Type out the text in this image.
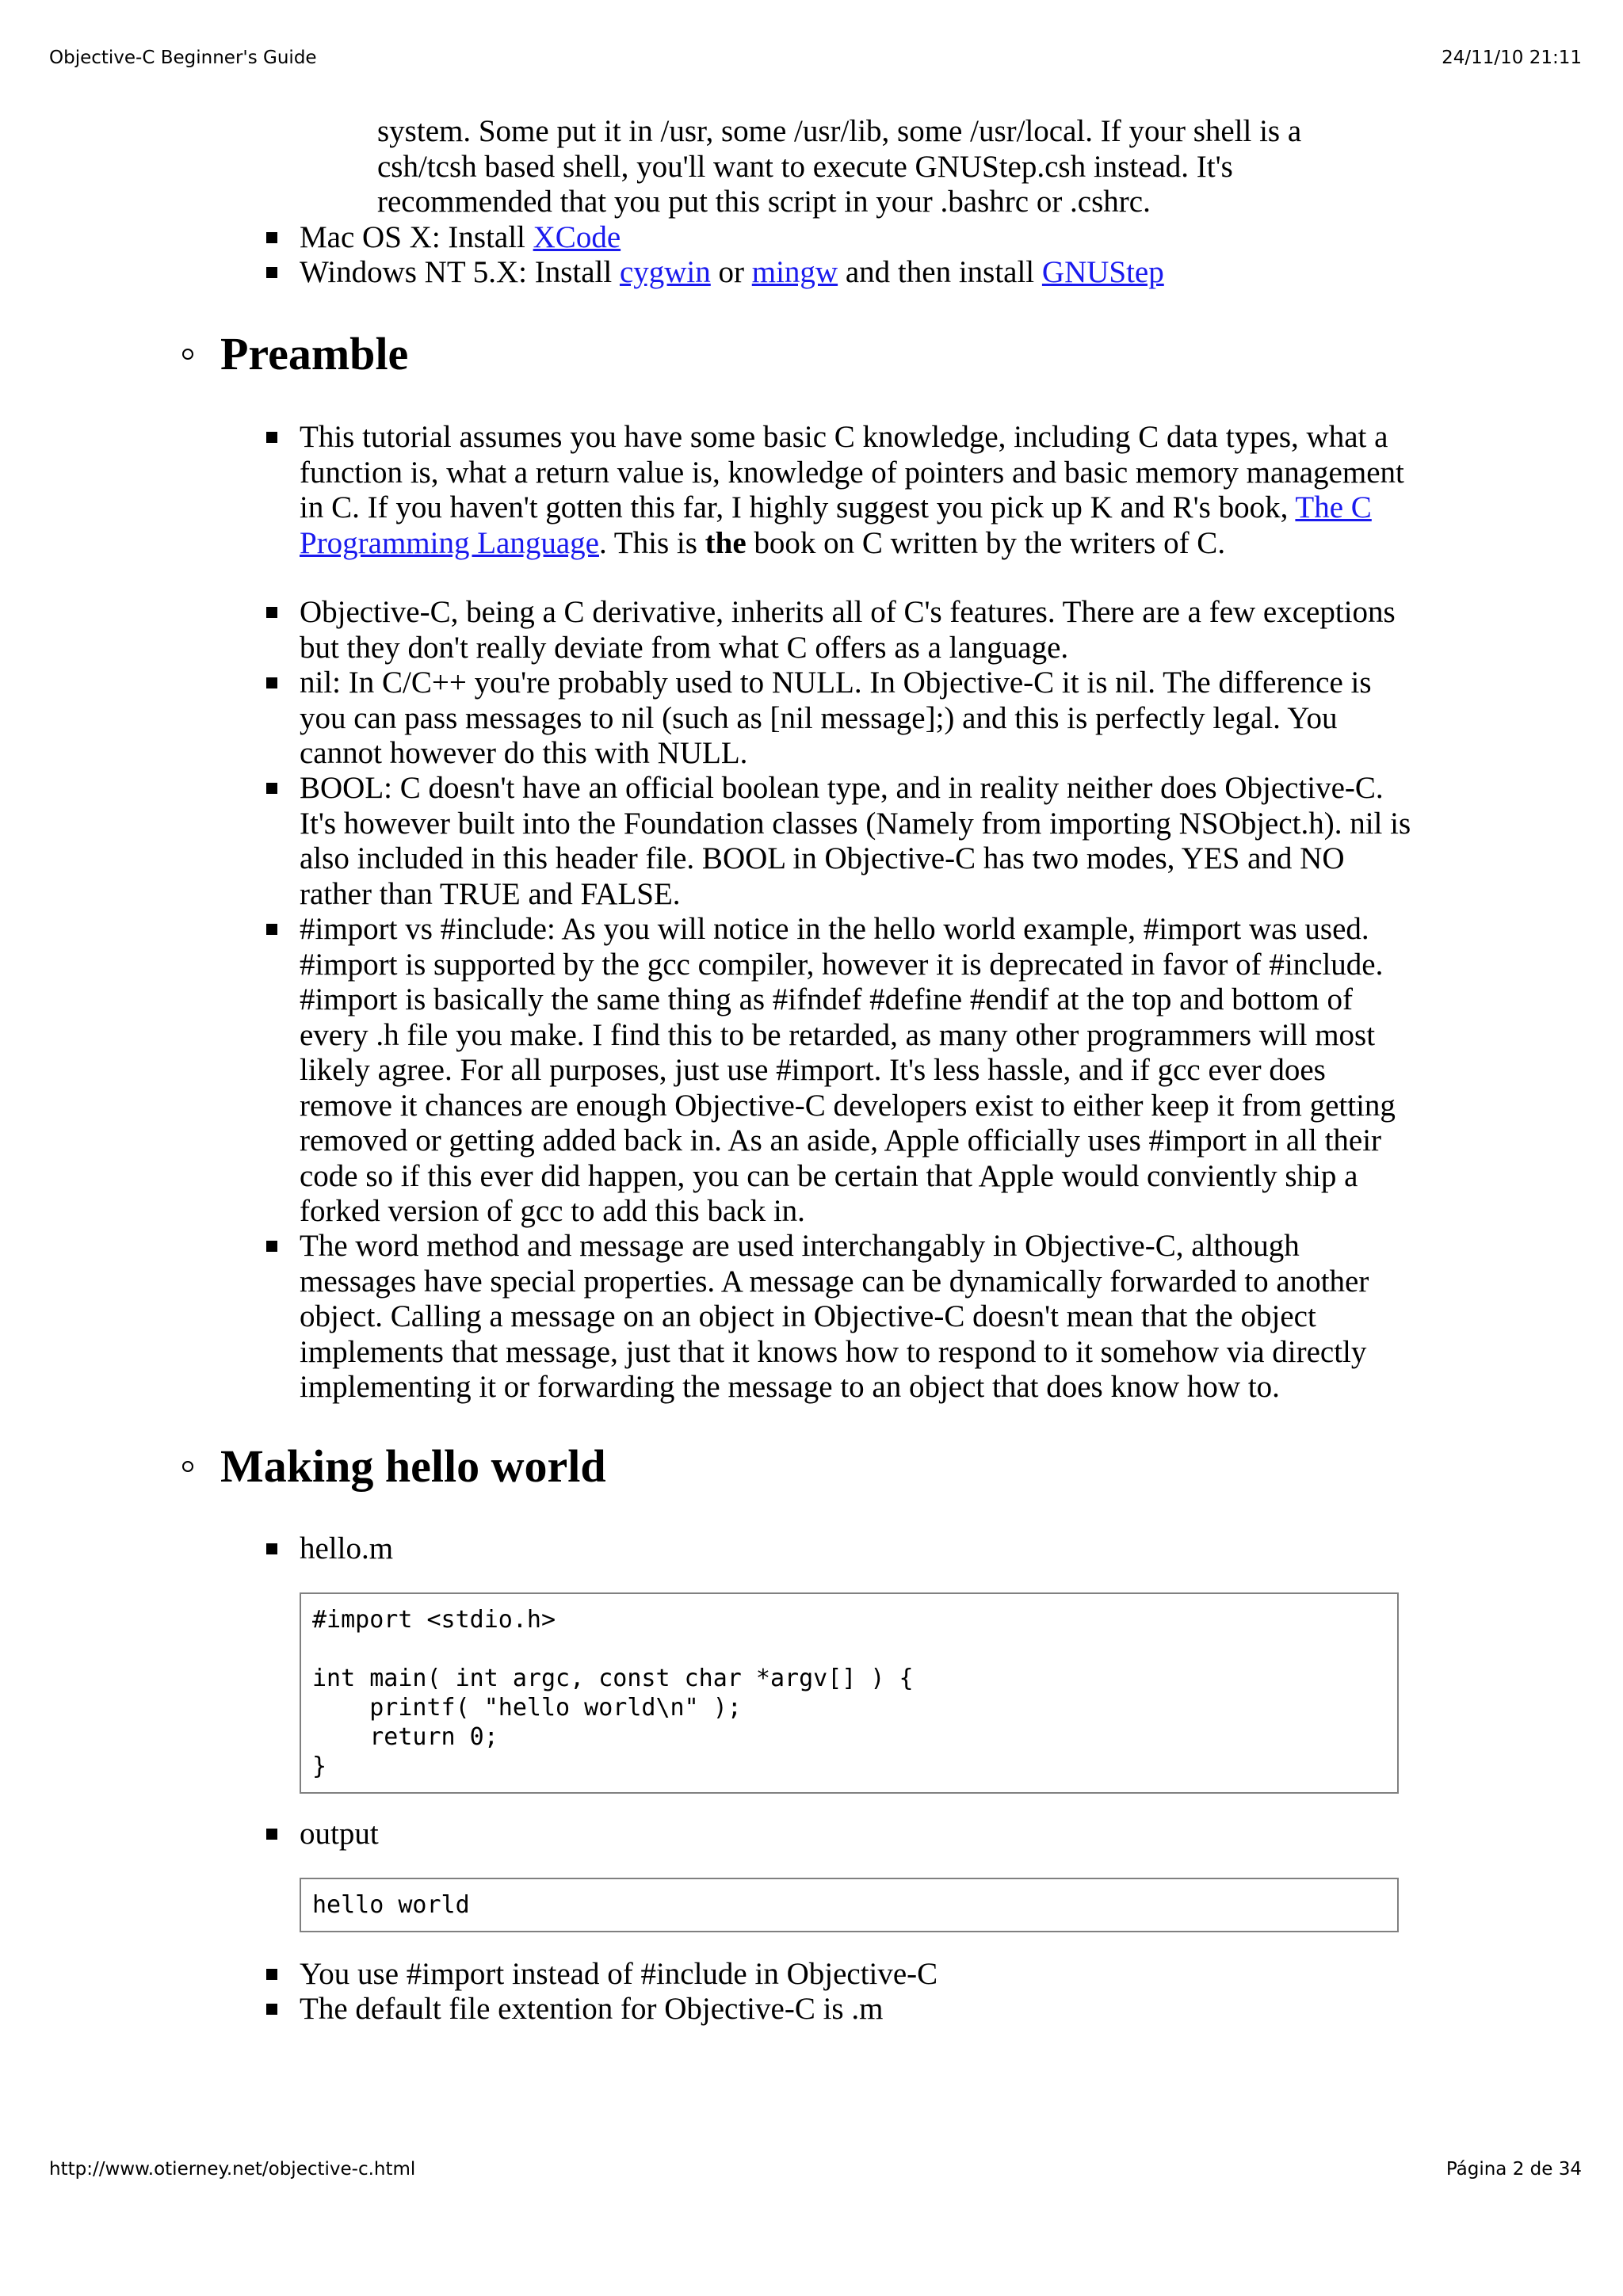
Objective-C Beginner's Guide	24/11/10 21:11
system. Some put it in /usr, some /usr/lib, some /usr/local. If your shell is a csh/tcsh based shell, you'll want to execute GNUStep.csh instead. It's recommended that you put this script in your .bashrc or .cshrc.
Mac OS X: Install XCode
Windows NT 5.X: Install cygwin or mingw and then install GNUStep
Preamble
This tutorial assumes you have some basic C knowledge, including C data types, what a function is, what a return value is, knowledge of pointers and basic memory management in C. If you haven't gotten this far, I highly suggest you pick up K and R's book, The C Programming Language. This is the book on C written by the writers of C.
Objective-C, being a C derivative, inherits all of C's features. There are a few exceptions but they don't really deviate from what C offers as a language.
nil: In C/C++ you're probably used to NULL. In Objective-C it is nil. The difference is you can pass messages to nil (such as [nil message];) and this is perfectly legal. You cannot however do this with NULL.
BOOL: C doesn't have an official boolean type, and in reality neither does Objective-C. It's however built into the Foundation classes (Namely from importing NSObject.h). nil is also included in this header file. BOOL in Objective-C has two modes, YES and NO rather than TRUE and FALSE.
#import vs #include: As you will notice in the hello world example, #import was used. #import is supported by the gcc compiler, however it is deprecated in favor of #include. #import is basically the same thing as #ifndef #define #endif at the top and bottom of every .h file you make. I find this to be retarded, as many other programmers will most likely agree. For all purposes, just use #import. It's less hassle, and if gcc ever does remove it chances are enough Objective-C developers exist to either keep it from getting removed or getting added back in. As an aside, Apple officially uses #import in all their code so if this ever did happen, you can be certain that Apple would conviently ship a forked version of gcc to add this back in.
The word method and message are used interchangably in Objective-C, although messages have special properties. A message can be dynamically forwarded to another object. Calling a message on an object in Objective-C doesn't mean that the object implements that message, just that it knows how to respond to it somehow via directly implementing it or forwarding the message to an object that does know how to.
Making hello world
hello.m
#import <stdio.h>

int main( int argc, const char *argv[] ) {
printf( "hello world\n" );
return 0;
}
output
hello world
You use #import instead of #include in Objective-C
The default file extention for Objective-C is .m
http://www.otierney.net/objective-c.html	Página 2 de 34
